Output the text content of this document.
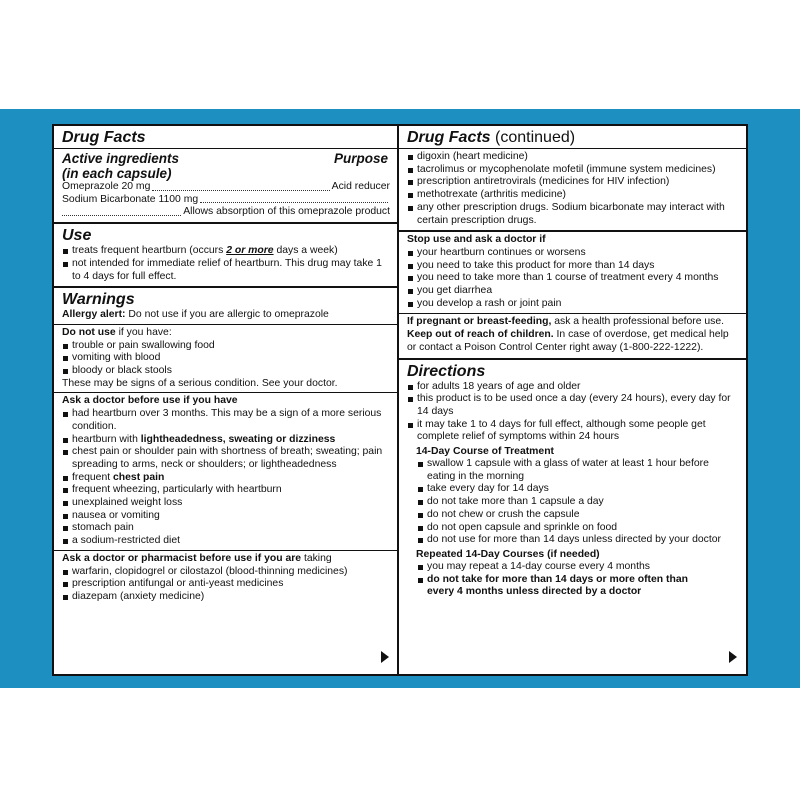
Drug Facts
Active ingredients
(in each capsule)
Purpose
Omeprazole 20 mg	Acid reducer
Sodium Bicarbonate 1100 mg
Allows absorption of this omeprazole product
Use
treats frequent heartburn (occurs 2 or more days a week)
not intended for immediate relief of heartburn. This drug may take 1 to 4 days for full effect.
Warnings
Allergy alert: Do not use if you are allergic to omeprazole
Do not use if you have:
trouble or pain swallowing food
vomiting with blood
bloody or black stools
These may be signs of a serious condition. See your doctor.
Ask a doctor before use if you have
had heartburn over 3 months. This may be a sign of a more serious condition.
heartburn with lightheadedness, sweating or dizziness
chest pain or shoulder pain with shortness of breath; sweating; pain spreading to arms, neck or shoulders; or lightheadedness
frequent chest pain
frequent wheezing, particularly with heartburn
unexplained weight loss
nausea or vomiting
stomach pain
a sodium-restricted diet
Ask a doctor or pharmacist before use if you are taking
warfarin, clopidogrel or cilostazol (blood-thinning medicines)
prescription antifungal or anti-yeast medicines
diazepam (anxiety medicine)
Drug Facts (continued)
digoxin (heart medicine)
tacrolimus or mycophenolate mofetil (immune system medicines)
prescription antiretrovirals (medicines for HIV infection)
methotrexate (arthritis medicine)
any other prescription drugs. Sodium bicarbonate may interact with certain prescription drugs.
Stop use and ask a doctor if
your heartburn continues or worsens
you need to take this product for more than 14 days
you need to take more than 1 course of treatment every 4 months
you get diarrhea
you develop a rash or joint pain
If pregnant or breast-feeding, ask a health professional before use.
Keep out of reach of children. In case of overdose, get medical help or contact a Poison Control Center right away (1-800-222-1222).
Directions
for adults 18 years of age and older
this product is to be used once a day (every 24 hours), every day for 14 days
it may take 1 to 4 days for full effect, although some people get complete relief of symptoms within 24 hours
14-Day Course of Treatment
swallow 1 capsule with a glass of water at least 1 hour before eating in the morning
take every day for 14 days
do not take more than 1 capsule a day
do not chew or crush the capsule
do not open capsule and sprinkle on food
do not use for more than 14 days unless directed by your doctor
Repeated 14-Day Courses (if needed)
you may repeat a 14-day course every 4 months
do not take for more than 14 days or more often than every 4 months unless directed by a doctor
